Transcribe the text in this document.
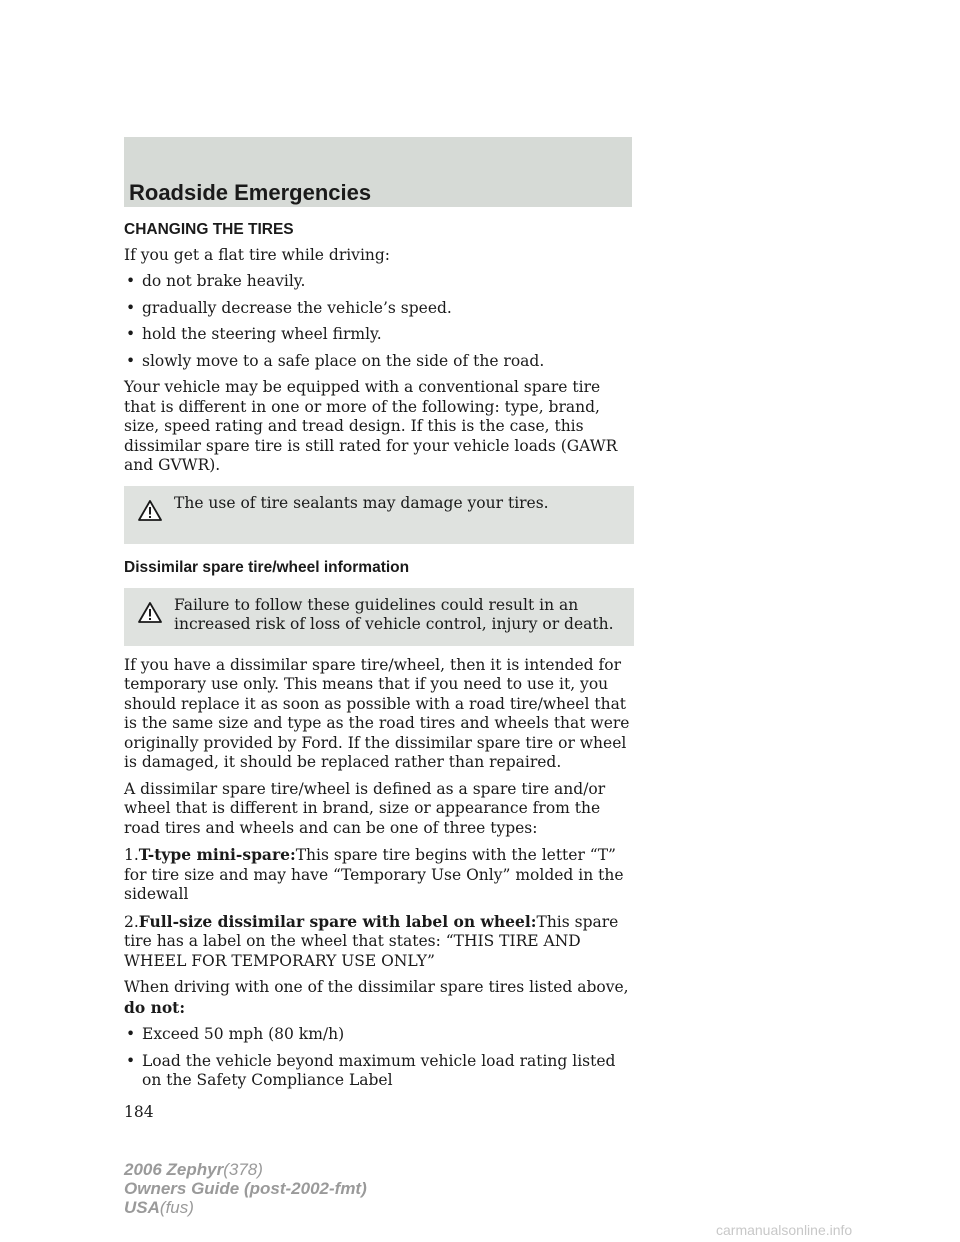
Roadside Emergencies
CHANGING THE TIRES

If you get a flat tire while driving:

• do not brake heavily.
• gradually decrease the vehicle’s speed.
• hold the steering wheel firmly.
• slowly move to a safe place on the side of the road.

Your vehicle may be equipped with a conventional spare tire that is different in one or more of the following: type, brand, size, speed rating and tread design. If this is the case, this dissimilar spare tire is still rated for your vehicle loads (GAWR and GVWR).

The use of tire sealants may damage your tires.

Dissimilar spare tire/wheel information

Failure to follow these guidelines could result in an increased risk of loss of vehicle control, injury or death.

If you have a dissimilar spare tire/wheel, then it is intended for temporary use only. This means that if you need to use it, you should replace it as soon as possible with a road tire/wheel that is the same size and type as the road tires and wheels that were originally provided by Ford. If the dissimilar spare tire or wheel is damaged, it should be replaced rather than repaired.

A dissimilar spare tire/wheel is defined as a spare tire and/or wheel that is different in brand, size or appearance from the road tires and wheels and can be one of three types:

1.T-type mini-spare:This spare tire begins with the letter “T” for tire size and may have “Temporary Use Only” molded in the sidewall

2.Full-size dissimilar spare with label on wheel:This spare tire has a label on the wheel that states: “THIS TIRE AND WHEEL FOR TEMPORARY USE ONLY”

When driving with one of the dissimilar spare tires listed above, do not:

• Exceed 50 mph (80 km/h)
• Load the vehicle beyond maximum vehicle load rating listed on the Safety Compliance Label
184
2006 Zephyr(378)
Owners Guide (post-2002-fmt)
USA(fus)
carmanualsonline.info
